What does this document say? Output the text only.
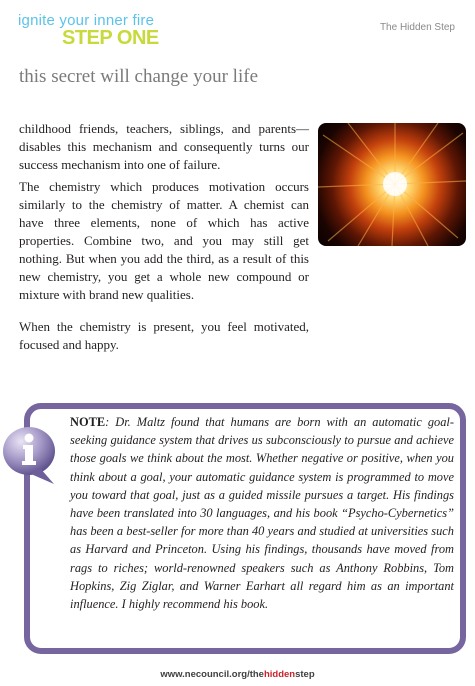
ignite your inner fire
STEP ONE	The Hidden Step
this secret will change your life

childhood friends, teachers, siblings, and parents—disables this mechanism and consequently turns our success mechanism into one of failure.

The chemistry which produces motivation occurs similarly to the chemistry of matter. A chemist can have three elements, none of which has active properties. Combine two, and you may still get nothing. But when you add the third, as a result of this new chemistry, you get a whole new compound or mixture with brand new qualities.

When the chemistry is present, you feel motivated, focused and happy.

NOTE: Dr. Maltz found that humans are born with an automatic goal-seeking guidance system that drives us subconsciously to pursue and achieve those goals we think about the most. Whether negative or positive, when you think about a goal, your automatic guidance system is programmed to move you toward that goal, just as a guided missile pursues a target. His findings have been translated into 30 languages, and his book “Psycho-Cybernetics” has been a best-seller for more than 40 years and studied at universities such as Harvard and Princeton. Using his findings, thousands have moved from rags to riches; world-renowned speakers such as Anthony Robbins, Tom Hopkins, Zig Ziglar, and Warner Earhart all regard him as an important influence. I highly recommend his book.
www.necouncil.org/thehiddenstep
